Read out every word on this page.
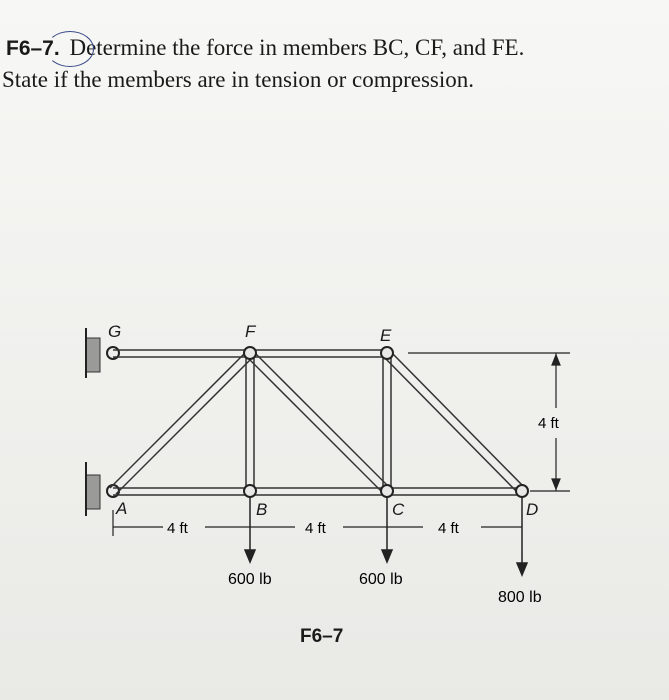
F6–7. Determine the force in members BC, CF, and FE.
State if the members are in tension or compression.
G	F	E
A	B	C	D
4 ft	4 ft	4 ft
4 ft
600 lb	600 lb
800 lb
F6–7
